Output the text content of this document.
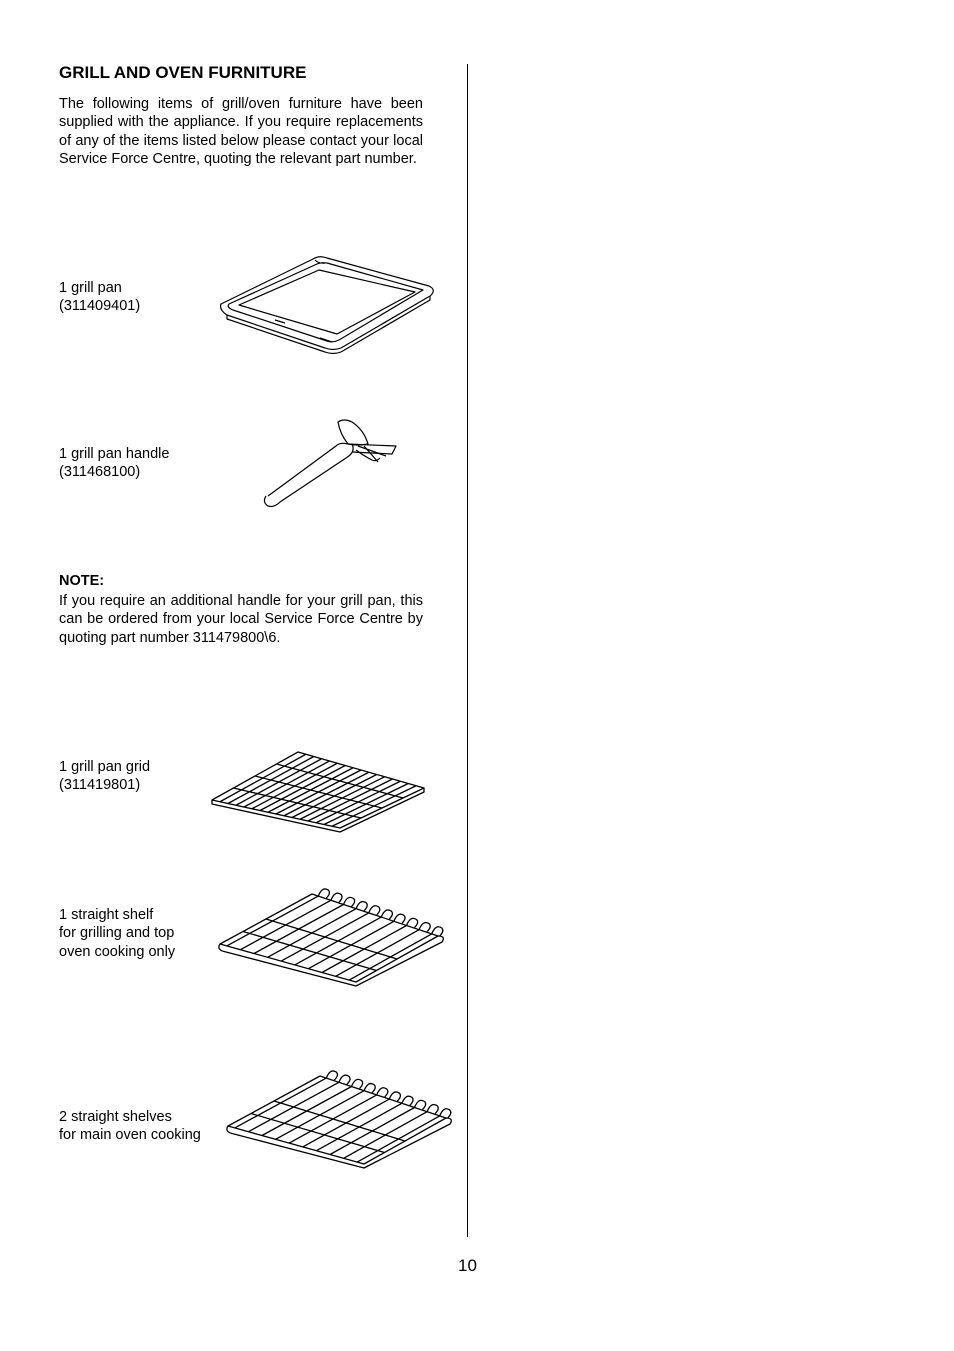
GRILL AND OVEN FURNITURE

The following items of grill/oven furniture have been supplied with the appliance. If you require replacements of any of the items listed below please contact your local Service Force Centre, quoting the relevant part number.

1 grill pan
(311409401)
1 grill pan handle
(311468100)
NOTE:

If you require an additional handle for your grill pan, this can be ordered from your local Service Force Centre by quoting part number 311479800\6.

1 grill pan grid
(311419801)
1 straight shelf
for grilling and top
oven cooking only
2 straight shelves
for main oven cooking
10
